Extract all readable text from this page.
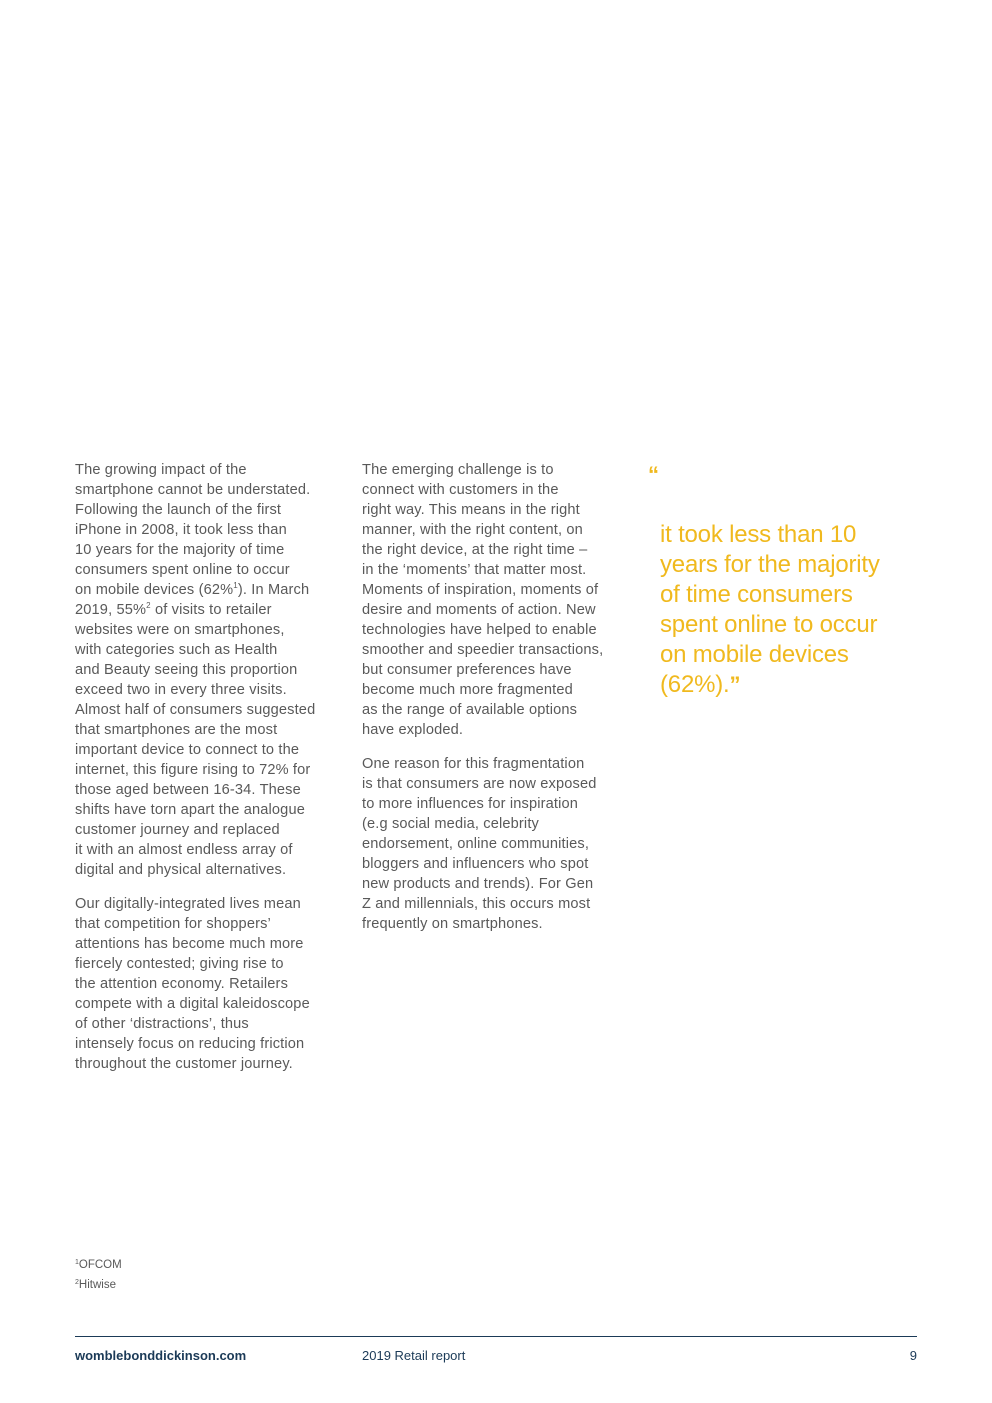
The growing impact of the
smartphone cannot be understated.
Following the launch of the first
iPhone in 2008, it took less than
10 years for the majority of time
consumers spent online to occur
on mobile devices (62%$^1$). In March
2019, 55%$^2$ of visits to retailer
websites were on smartphones,
with categories such as Health
and Beauty seeing this proportion
exceed two in every three visits.
Almost half of consumers suggested
that smartphones are the most
important device to connect to the
internet, this figure rising to 72% for
those aged between 16-34. These
shifts have torn apart the analogue
customer journey and replaced
it with an almost endless array of
digital and physical alternatives.

Our digitally-integrated lives mean
that competition for shoppers’
attentions has become much more
fiercely contested; giving rise to
the attention economy. Retailers
compete with a digital kaleidoscope
of other ‘distractions’, thus
intensely focus on reducing friction
throughout the customer journey.

The emerging challenge is to
connect with customers in the
right way. This means in the right
manner, with the right content, on
the right device, at the right time –
in the ‘moments’ that matter most.
Moments of inspiration, moments of
desire and moments of action. New
technologies have helped to enable
smoother and speedier transactions,
but consumer preferences have
become much more fragmented
as the range of available options
have exploded.

One reason for this fragmentation
is that consumers are now exposed
to more influences for inspiration
(e.g social media, celebrity
endorsement, online communities,
bloggers and influencers who spot
new products and trends). For Gen
Z and millennials, this occurs most
frequently on smartphones.

“

it took less than 10
years for the majority
of time consumers
spent online to occur
on mobile devices
(62%).”

$^1$OFCOM
$^2$Hitwise
womblebonddickinson.com	2019 Retail report	9
